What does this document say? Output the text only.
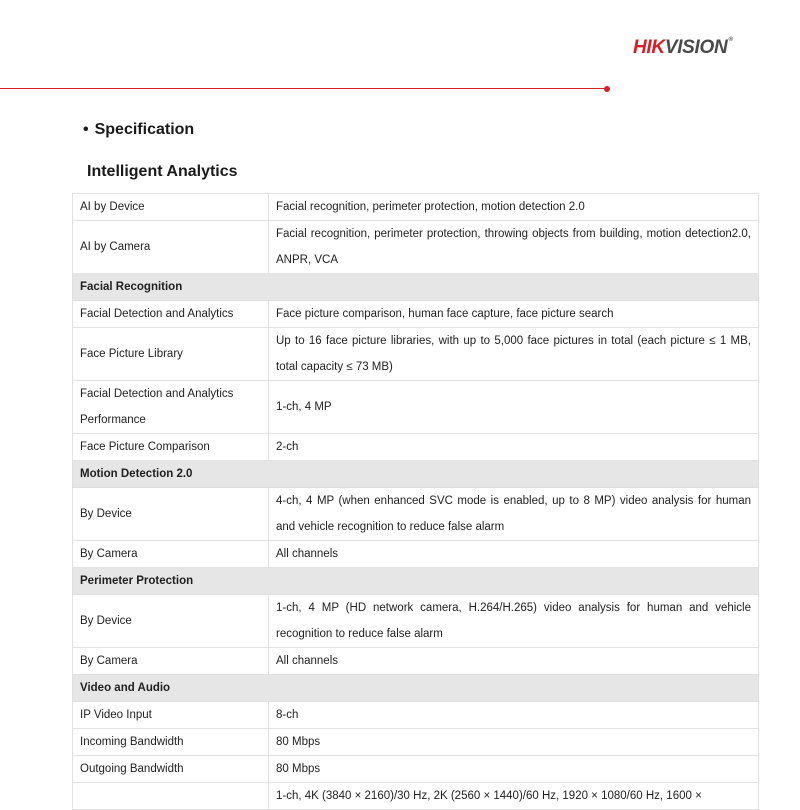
HIKVISION®
• Specification
Intelligent Analytics
AI by Device	Facial recognition, perimeter protection, motion detection 2.0
AI by Camera	Facial recognition, perimeter protection, throwing objects from building, motion detection2.0, ANPR, VCA
Facial Recognition	
Facial Detection and Analytics	Face picture comparison, human face capture, face picture search
Face Picture Library	Up to 16 face picture libraries, with up to 5,000 face pictures in total (each picture ≤ 1 MB, total capacity ≤ 73 MB)
Facial Detection and Analytics Performance	1-ch, 4 MP
Face Picture Comparison	2-ch
Motion Detection 2.0	
By Device	4-ch, 4 MP (when enhanced SVC mode is enabled, up to 8 MP) video analysis for human and vehicle recognition to reduce false alarm
By Camera	All channels
Perimeter Protection	
By Device	1-ch, 4 MP (HD network camera, H.264/H.265) video analysis for human and vehicle recognition to reduce false alarm
By Camera	All channels
Video and Audio	
IP Video Input	8-ch
Incoming Bandwidth	80 Mbps
Outgoing Bandwidth	80 Mbps
	1-ch, 4K (3840 × 2160)/30 Hz, 2K (2560 × 1440)/60 Hz, 1920 × 1080/60 Hz, 1600 ×
